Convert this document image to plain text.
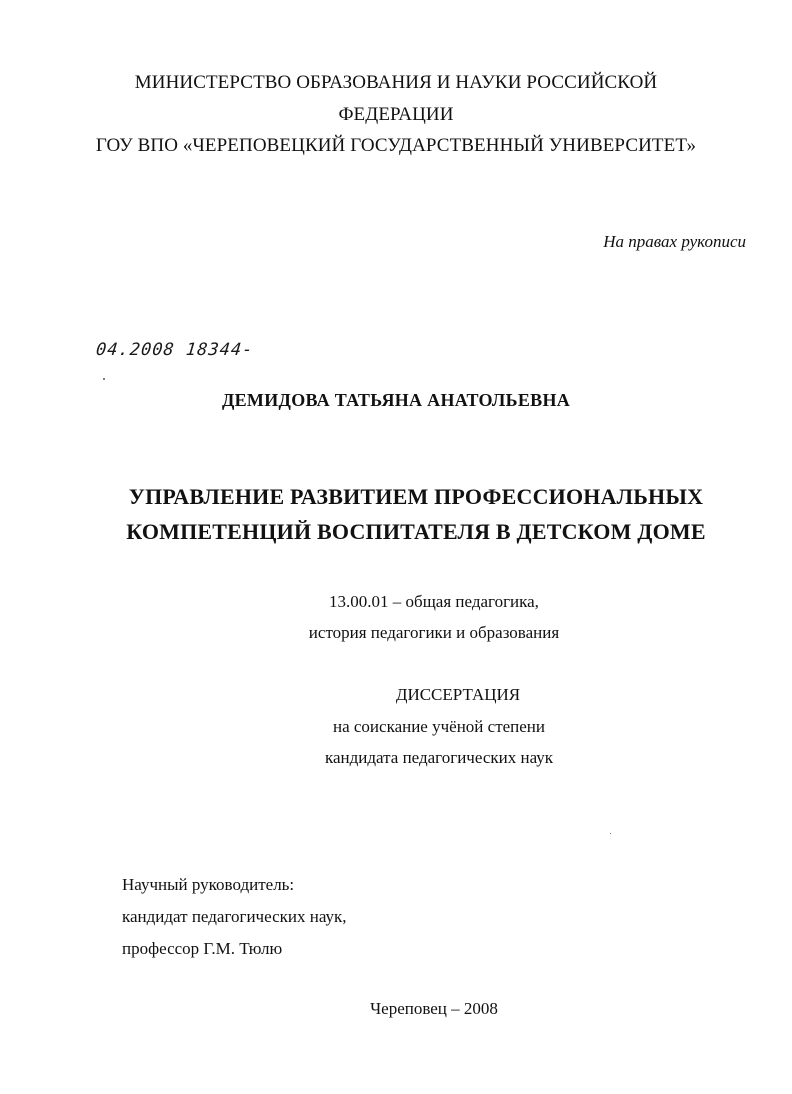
МИНИСТЕРСТВО ОБРАЗОВАНИЯ И НАУКИ РОССИЙСКОЙ
ФЕДЕРАЦИИ
ГОУ ВПО «ЧЕРЕПОВЕЦКИЙ ГОСУДАРСТВЕННЫЙ УНИВЕРСИТЕТ»
На правах рукописи
04.2008 18344-
ДЕМИДОВА ТАТЬЯНА АНАТОЛЬЕВНА
УПРАВЛЕНИЕ РАЗВИТИЕМ ПРОФЕССИОНАЛЬНЫХ
КОМПЕТЕНЦИЙ ВОСПИТАТЕЛЯ В ДЕТСКОМ ДОМЕ
13.00.01 – общая педагогика,
история педагогики и образования
ДИССЕРТАЦИЯ
на соискание учёной степени
кандидата педагогических наук
Научный руководитель:
кандидат педагогических наук,
профессор Г.М. Тюлю
Череповец – 2008
